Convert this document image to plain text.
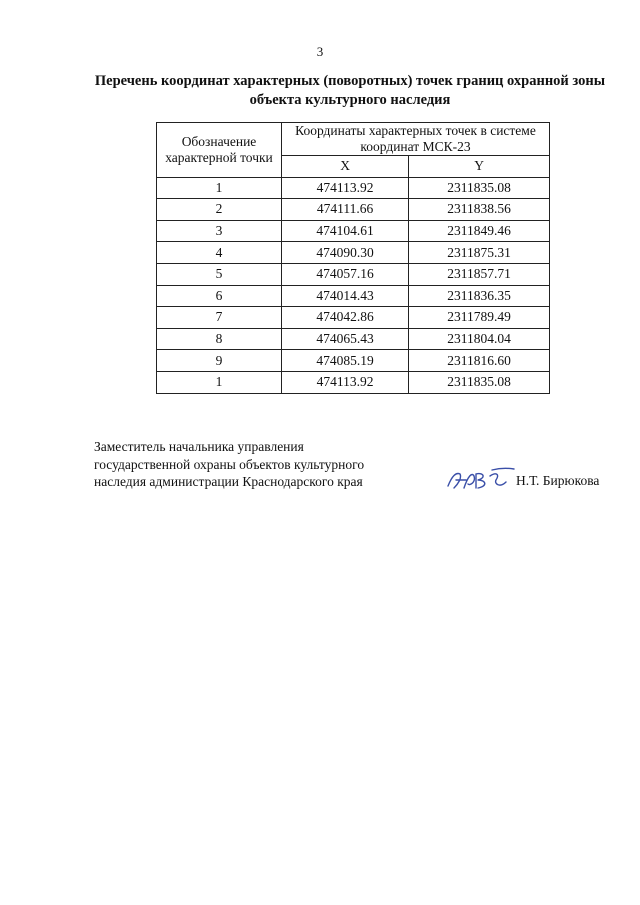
3
Перечень координат характерных (поворотных) точек границ охранной зоны объекта культурного наследия
Обозначение характерной точки	Координаты характерных точек в системе координат МСК-23	
	X	Y
1	474113.92	2311835.08
2	474111.66	2311838.56
3	474104.61	2311849.46
4	474090.30	2311875.31
5	474057.16	2311857.71
6	474014.43	2311836.35
7	474042.86	2311789.49
8	474065.43	2311804.04
9	474085.19	2311816.60
1	474113.92	2311835.08
Заместитель начальника управления
государственной охраны объектов культурного
наследия администрации Краснодарского края	Н.Т. Бирюкова
